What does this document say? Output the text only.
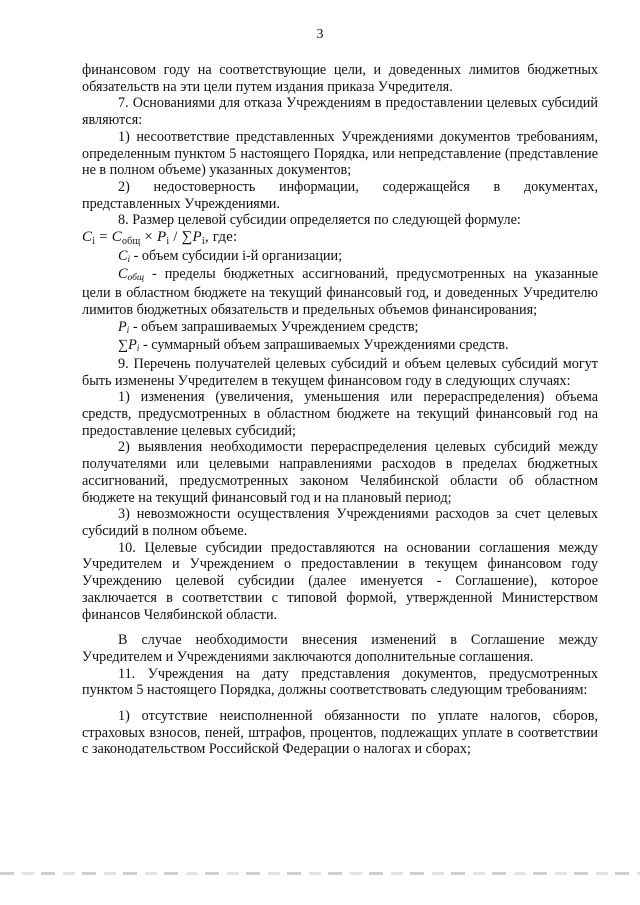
3

финансовом году на соответствующие цели, и доведенных лимитов бюджетных обязательств на эти цели путем издания приказа Учредителя.

7. Основаниями для отказа Учреждениям в предоставлении целевых субсидий являются:

1) несоответствие представленных Учреждениями документов требованиям, определенным пунктом 5 настоящего Порядка, или непредставление (представление не в полном объеме) указанных документов;

2) недостоверность информации, содержащейся в документах, представленных Учреждениями.

8. Размер целевой субсидии определяется по следующей формуле:

$C_i = C_{общ} \times P_i / \sum P_i$, где:

Ci - объем субсидии i-й организации;

Cобщ - пределы бюджетных ассигнований, предусмотренных на указанные цели в областном бюджете на текущий финансовый год, и доведенных Учредителю лимитов бюджетных обязательств и предельных объемов финансирования;

Pi - объем запрашиваемых Учреждением средств;

∑Pi - суммарный объем запрашиваемых Учреждениями средств.

9. Перечень получателей целевых субсидий и объем целевых субсидий могут быть изменены Учредителем в текущем финансовом году в следующих случаях:

1) изменения (увеличения, уменьшения или перераспределения) объема средств, предусмотренных в областном бюджете на текущий финансовый год на предоставление целевых субсидий;

2) выявления необходимости перераспределения целевых субсидий между получателями или целевыми направлениями расходов в пределах бюджетных ассигнований, предусмотренных законом Челябинской области об областном бюджете на текущий финансовый год и на плановый период;

3) невозможности осуществления Учреждениями расходов за счет целевых субсидий в полном объеме.

10. Целевые субсидии предоставляются на основании соглашения между Учредителем и Учреждением о предоставлении в текущем финансовом году Учреждению целевой субсидии (далее именуется - Соглашение), которое заключается в соответствии с типовой формой, утвержденной Министерством финансов Челябинской области.

В случае необходимости внесения изменений в Соглашение между Учредителем и Учреждениями заключаются дополнительные соглашения.

11. Учреждения на дату представления документов, предусмотренных пунктом 5 настоящего Порядка, должны соответствовать следующим требованиям:

1) отсутствие неисполненной обязанности по уплате налогов, сборов, страховых взносов, пеней, штрафов, процентов, подлежащих уплате в соответствии с законодательством Российской Федерации о налогах и сборах;
